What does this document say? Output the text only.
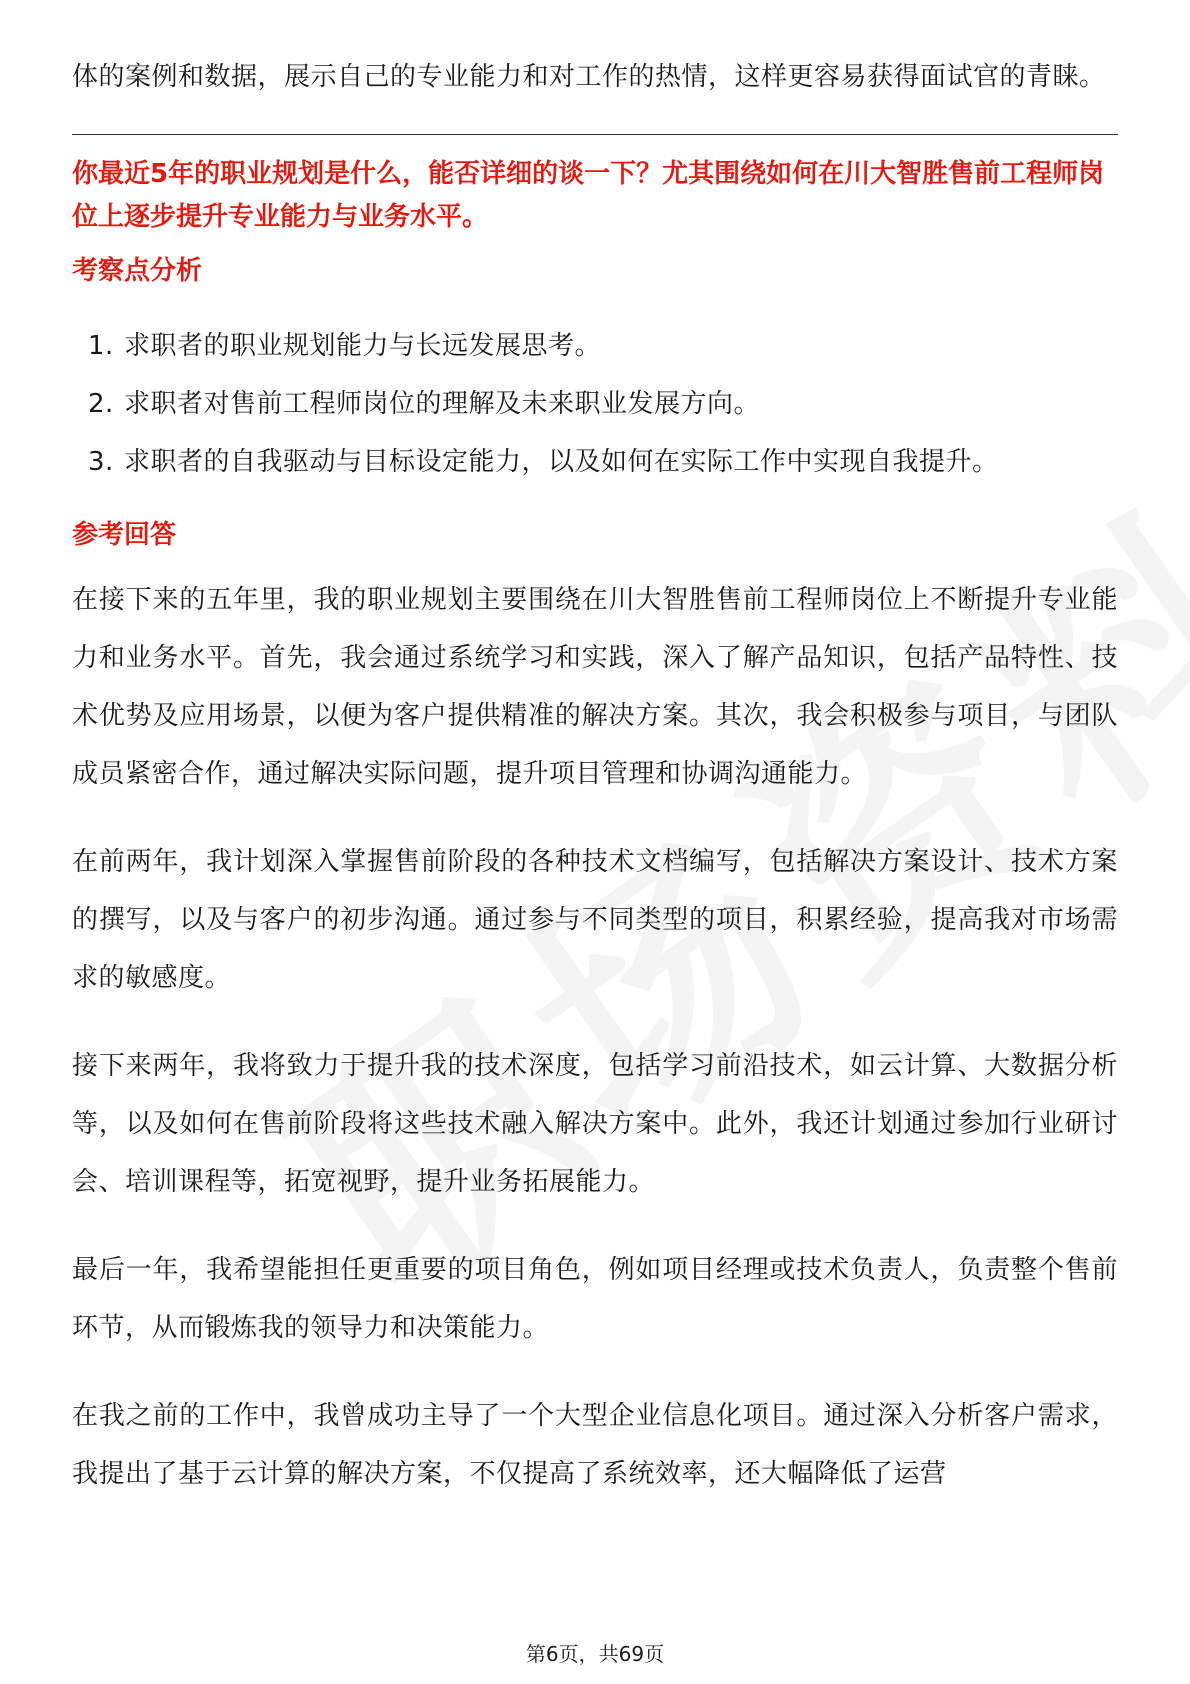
体的案例和数据，展示自己的专业能力和对工作的热情，这样更容易获得面试官的青睐。

你最近5年的职业规划是什么，能否详细的谈一下？尤其围绕如何在川大智胜售前工程师岗位上逐步提升专业能力与业务水平。

考察点分析
1. 求职者的职业规划能力与长远发展思考。
2. 求职者对售前工程师岗位的理解及未来职业发展方向。
3. 求职者的自我驱动与目标设定能力，以及如何在实际工作中实现自我提升。
参考回答

在接下来的五年里，我的职业规划主要围绕在川大智胜售前工程师岗位上不断提升专业能力和业务水平。首先，我会通过系统学习和实践，深入了解产品知识，包括产品特性、技术优势及应用场景，以便为客户提供精准的解决方案。其次，我会积极参与项目，与团队成员紧密合作，通过解决实际问题，提升项目管理和协调沟通能力。

在前两年，我计划深入掌握售前阶段的各种技术文档编写，包括解决方案设计、技术方案的撰写，以及与客户的初步沟通。通过参与不同类型的项目，积累经验，提高我对市场需求的敏感度。

接下来两年，我将致力于提升我的技术深度，包括学习前沿技术，如云计算、大数据分析等，以及如何在售前阶段将这些技术融入解决方案中。此外，我还计划通过参加行业研讨会、培训课程等，拓宽视野，提升业务拓展能力。

最后一年，我希望能担任更重要的项目角色，例如项目经理或技术负责人，负责整个售前环节，从而锻炼我的领导力和决策能力。

在我之前的工作中，我曾成功主导了一个大型企业信息化项目。通过深入分析客户需求，我提出了基于云计算的解决方案，不仅提高了系统效率，还大幅降低了运营

第6页，共69页
